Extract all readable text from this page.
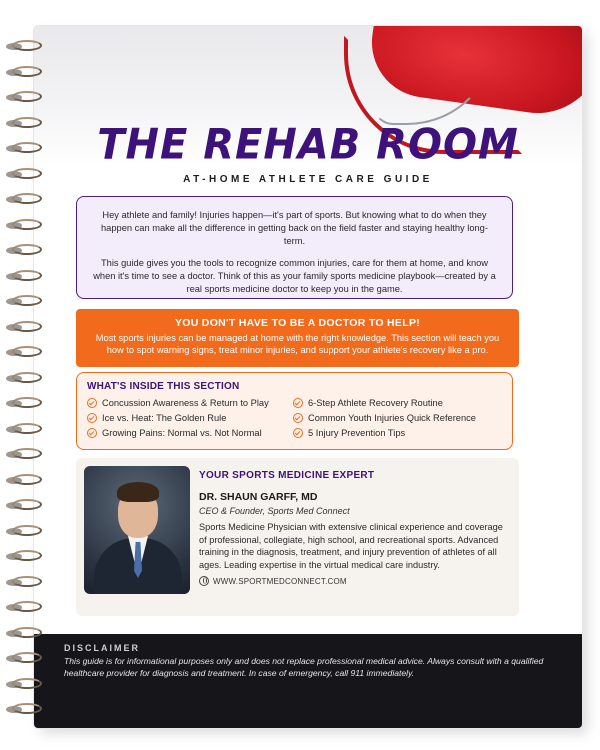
THE REHAB ROOM
AT-HOME ATHLETE CARE GUIDE

Hey athlete and family! Injuries happen—it's part of sports. But knowing what to do when they happen can make all the difference in getting back on the field faster and staying healthy long-term.

This guide gives you the tools to recognize common injuries, care for them at home, and know when it's time to see a doctor. Think of this as your family sports medicine playbook—created by a real sports medicine doctor to keep you in the game.

YOU DON'T HAVE TO BE A DOCTOR TO HELP!
Most sports injuries can be managed at home with the right knowledge. This section will teach you how to spot warning signs, treat minor injuries, and support your athlete's recovery like a pro.
WHAT'S INSIDE THIS SECTION
Concussion Awareness & Return to Play	6-Step Athlete Recovery Routine
Ice vs. Heat: The Golden Rule	Common Youth Injuries Quick Reference
Growing Pains: Normal vs. Not Normal	5 Injury Prevention Tips
YOUR SPORTS MEDICINE EXPERT
DR. SHAUN GARFF, MD
CEO & Founder, Sports Med Connect
Sports Medicine Physician with extensive clinical experience and coverage of professional, collegiate, high school, and recreational sports. Advanced training in the diagnosis, treatment, and injury prevention of athletes of all ages. Leading expertise in the virtual medical care industry.
WWW.SPORTMEDCONNECT.COM
DISCLAIMER
This guide is for informational purposes only and does not replace professional medical advice. Always consult with a qualified healthcare provider for diagnosis and treatment. In case of emergency, call 911 immediately.
